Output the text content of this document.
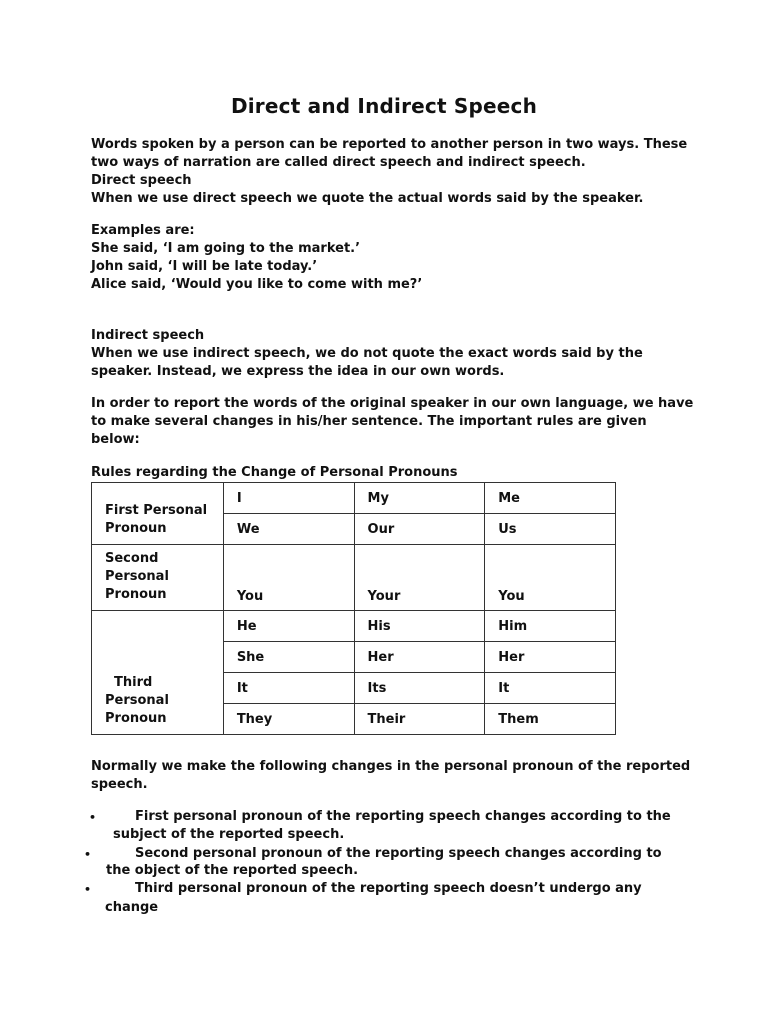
Direct and Indirect Speech
Words spoken by a person can be reported to another person in two ways. These
two ways of narration are called direct speech and indirect speech.
Direct speech
When we use direct speech we quote the actual words said by the speaker.
Examples are:
She said, ‘I am going to the market.’
John said, ‘I will be late today.’
Alice said, ‘Would you like to come with me?’
Indirect speech
When we use indirect speech, we do not quote the exact words said by the
speaker. Instead, we express the idea in our own words.
In order to report the words of the original speaker in our own language, we have
to make several changes in his/her sentence. The important rules are given
below:
Rules regarding the Change of Personal Pronouns
First Personal
Pronoun	I	My	Me
	We	Our	Us

Second
Personal
Pronoun	You	Your	You

Third
Personal
Pronoun	He	His	Him
	She	Her	Her
	It	Its	It
	They	Their	Them
Normally we make the following changes in the personal pronoun of the reported
speech.
•	First personal pronoun of the reporting speech changes according to the
subject of the reported speech.
•	Second personal pronoun of the reporting speech changes according to
the object of the reported speech.
•	Third personal pronoun of the reporting speech doesn’t undergo any
change
